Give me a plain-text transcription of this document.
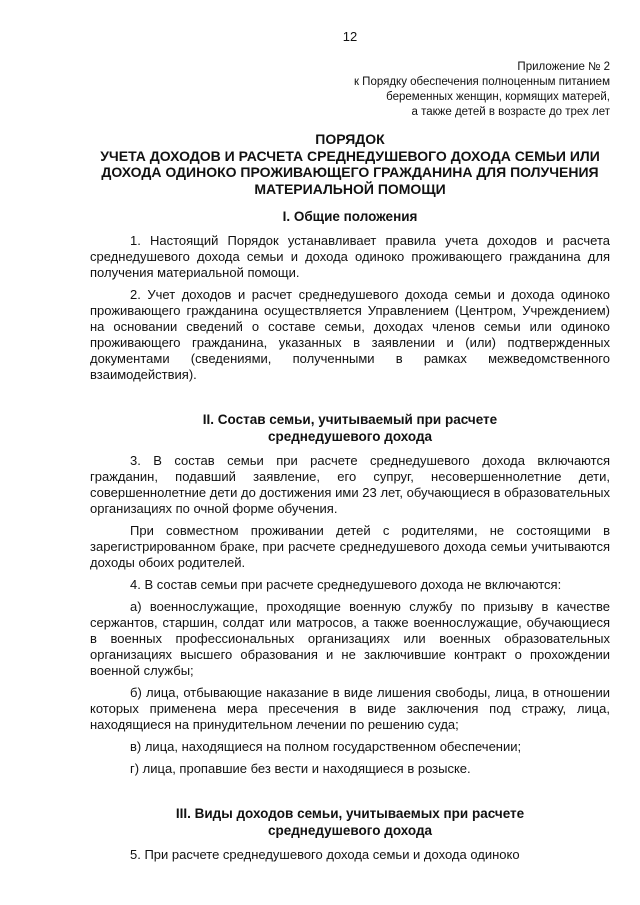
12
Приложение № 2
к Порядку обеспечения полноценным питанием
беременных женщин, кормящих матерей,
а также детей в возрасте до трех лет
ПОРЯДОК
УЧЕТА ДОХОДОВ И РАСЧЕТА СРЕДНЕДУШЕВОГО ДОХОДА СЕМЬИ ИЛИ ДОХОДА ОДИНОКО ПРОЖИВАЮЩЕГО ГРАЖДАНИНА ДЛЯ ПОЛУЧЕНИЯ МАТЕРИАЛЬНОЙ ПОМОЩИ

I. Общие положения

1. Настоящий Порядок устанавливает правила учета доходов и расчета среднедушевого дохода семьи и дохода одиноко проживающего гражданина для получения материальной помощи.

2. Учет доходов и расчет среднедушевого дохода семьи и дохода одиноко проживающего гражданина осуществляется Управлением (Центром, Учреждением) на основании сведений о составе семьи, доходах членов семьи или одиноко проживающего гражданина, указанных в заявлении и (или) подтвержденных документами (сведениями, полученными в рамках межведомственного взаимодействия).

II. Состав семьи, учитываемый при расчете

среднедушевого дохода

3. В состав семьи при расчете среднедушевого дохода включаются гражданин, подавший заявление, его супруг, несовершеннолетние дети, совершеннолетние дети до достижения ими 23 лет, обучающиеся в образовательных организациях по очной форме обучения.

При совместном проживании детей с родителями, не состоящими в зарегистрированном браке, при расчете среднедушевого дохода семьи учитываются доходы обоих родителей.

4. В состав семьи при расчете среднедушевого дохода не включаются:

а) военнослужащие, проходящие военную службу по призыву в качестве сержантов, старшин, солдат или матросов, а также военнослужащие, обучающиеся в военных профессиональных организациях или военных образовательных организациях высшего образования и не заключившие контракт о прохождении военной службы;

б) лица, отбывающие наказание в виде лишения свободы, лица, в отношении которых применена мера пресечения в виде заключения под стражу, лица, находящиеся на принудительном лечении по решению суда;

в) лица, находящиеся на полном государственном обеспечении;

г) лица, пропавшие без вести и находящиеся в розыске.

III. Виды доходов семьи, учитываемых при расчете

среднедушевого дохода

5. При расчете среднедушевого дохода семьи и дохода одиноко
